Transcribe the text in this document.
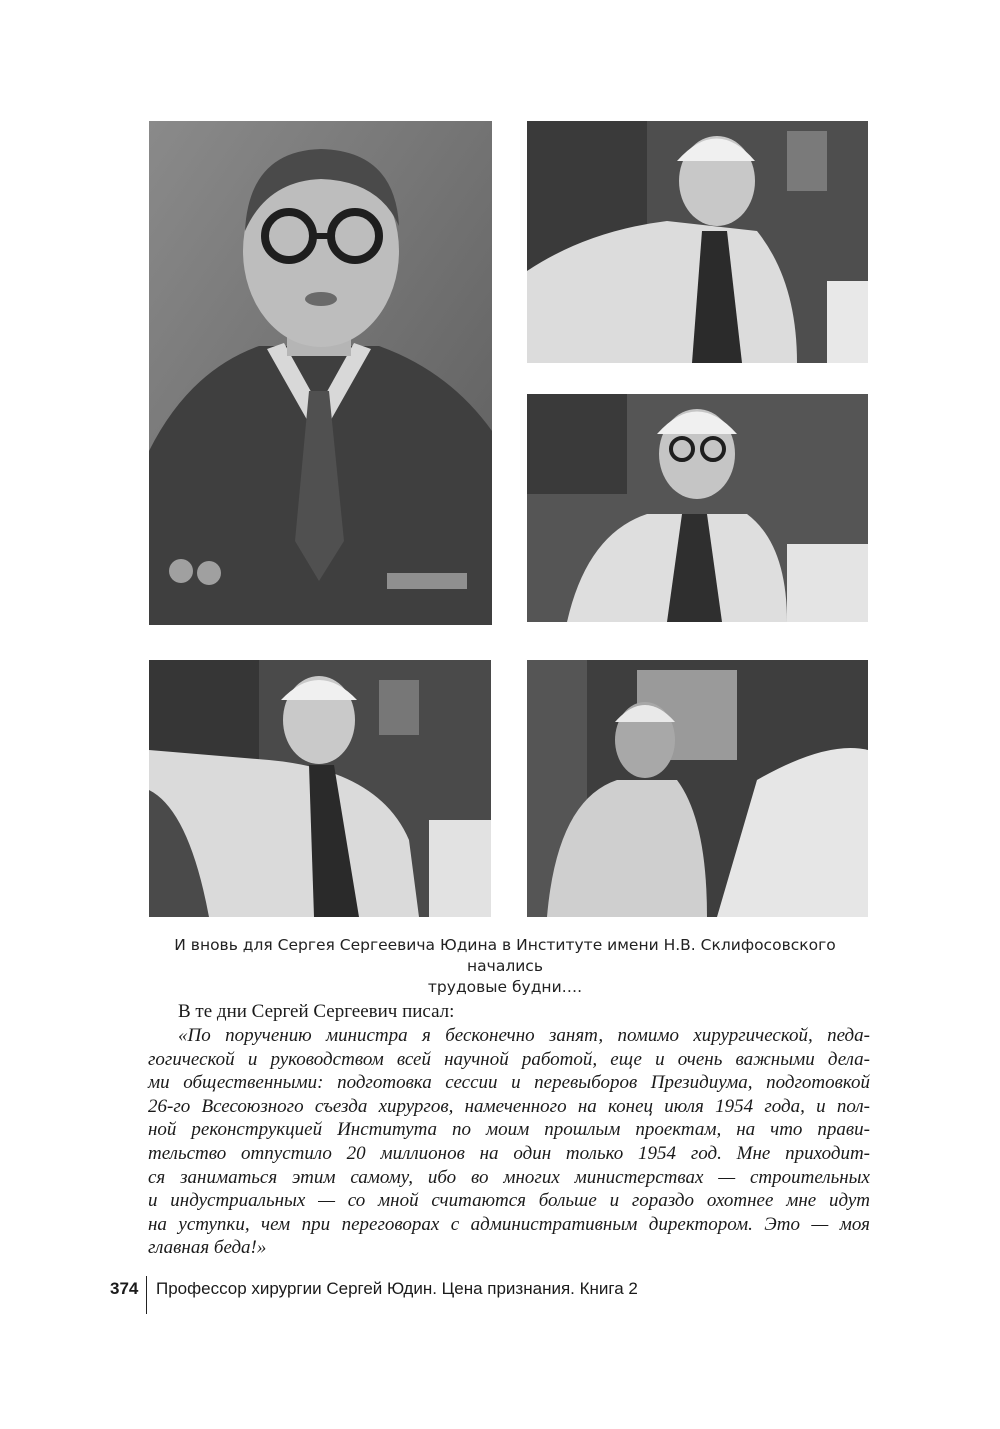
И вновь для Сергея Сергеевича Юдина в Институте имени Н.В. Склифосовского начались
трудовые будни….
В те дни Сергей Сергеевич писал:
«По поручению министра я бесконечно занят, помимо хирургической, педа-
гогической и руководством всей научной работой, еще и очень важными дела-
ми общественными: подготовка сессии и перевыборов Президиума, подготовкой
26-го Всесоюзного съезда хирургов, намеченного на конец июля 1954 года, и пол-
ной реконструкцией Института по моим прошлым проектам, на что прави-
тельство отпустило 20 миллионов на один только 1954 год. Мне приходит-
ся заниматься этим самому, ибо во многих министерствах — строительных
и индустриальных — со мной считаются больше и гораздо охотнее мне идут
на уступки, чем при переговорах с административным директором. Это — моя
главная беда!»
374 Профессор хирургии Сергей Юдин. Цена признания. Книга 2
